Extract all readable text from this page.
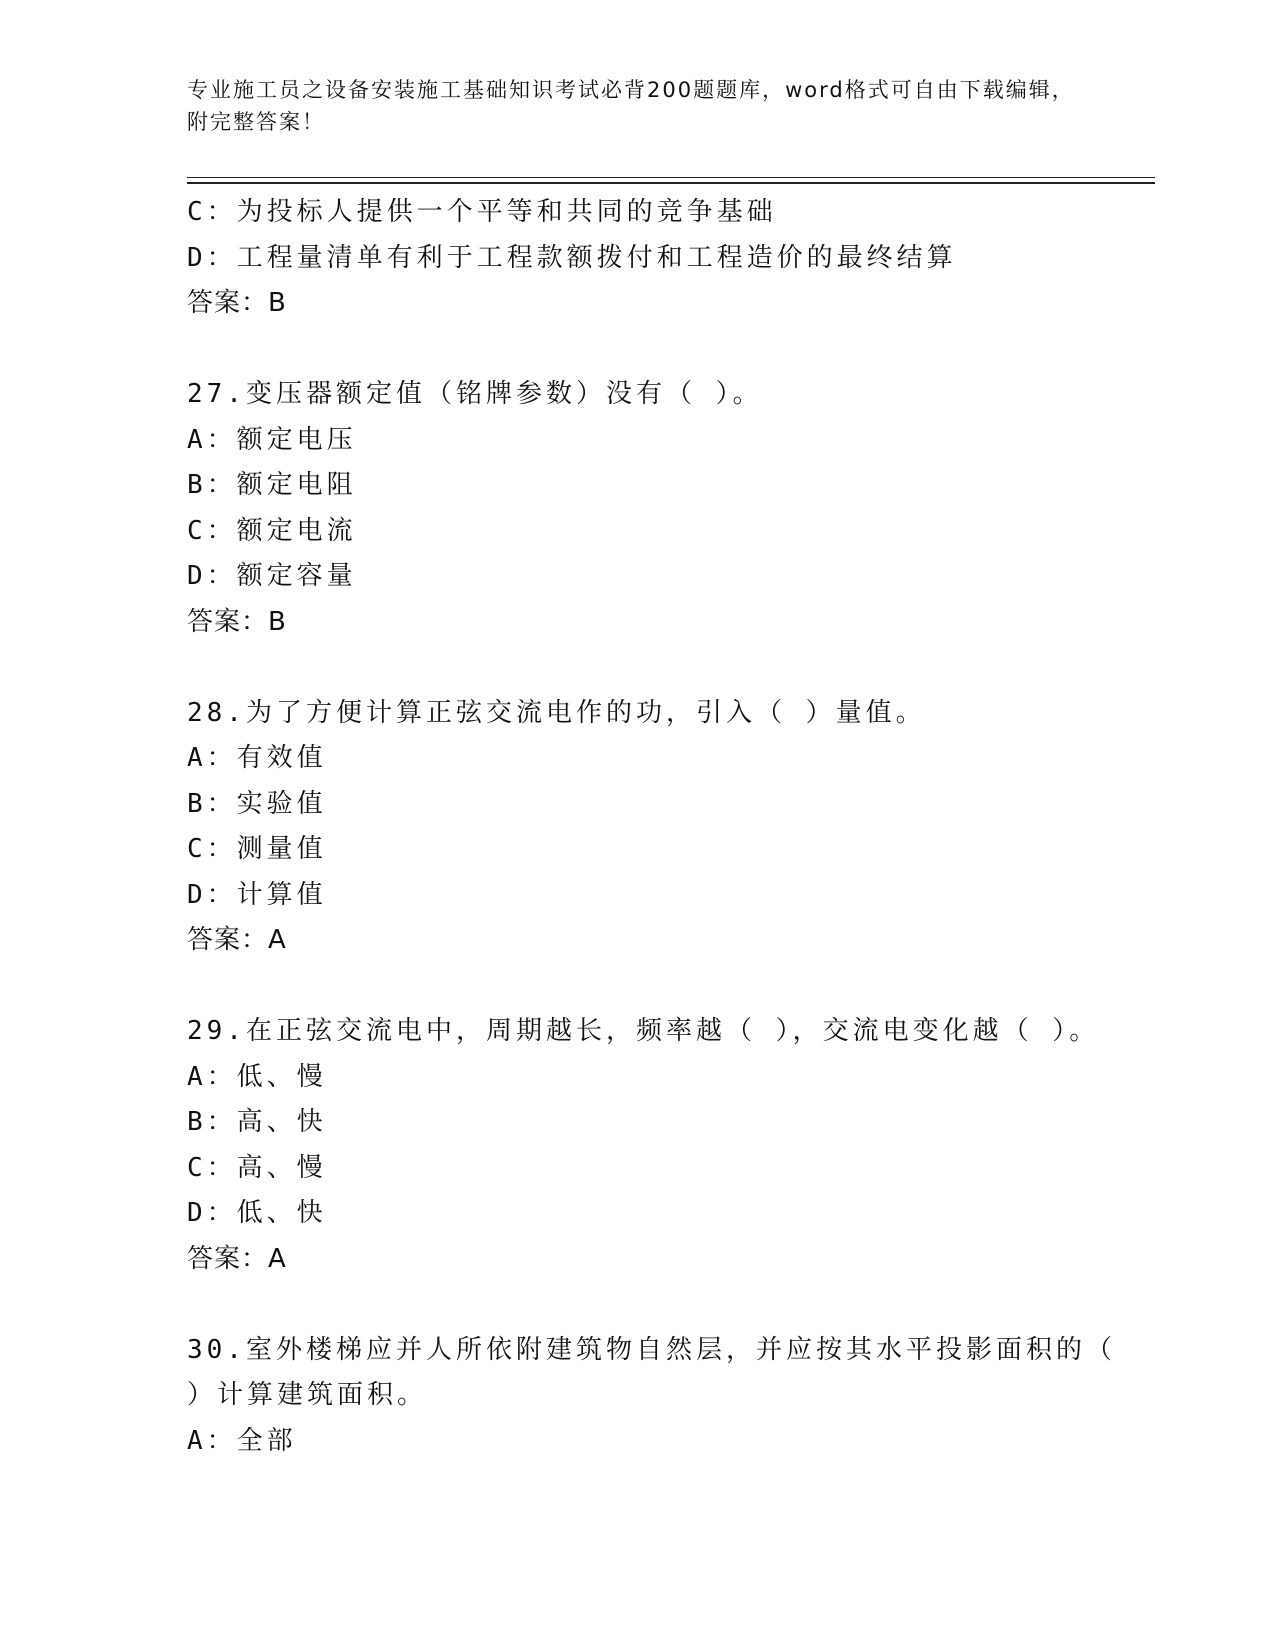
专业施工员之设备安装施工基础知识考试必背200题题库，word格式可自由下载编辑，附完整答案！
C：为投标人提供一个平等和共同的竞争基础
D：工程量清单有利于工程款额拨付和工程造价的最终结算
答案：B
27.变压器额定值（铭牌参数）没有（ ）。
A：额定电压
B：额定电阻
C：额定电流
D：额定容量
答案：B
28.为了方便计算正弦交流电作的功，引入（ ）量值。
A：有效值
B：实验值
C：测量值
D：计算值
答案：A
29.在正弦交流电中，周期越长，频率越（ ），交流电变化越（ ）。
A：低、慢
B：高、快
C：高、慢
D：低、快
答案：A
30.室外楼梯应并人所依附建筑物自然层，并应按其水平投影面积的（
）计算建筑面积。
A：全部
